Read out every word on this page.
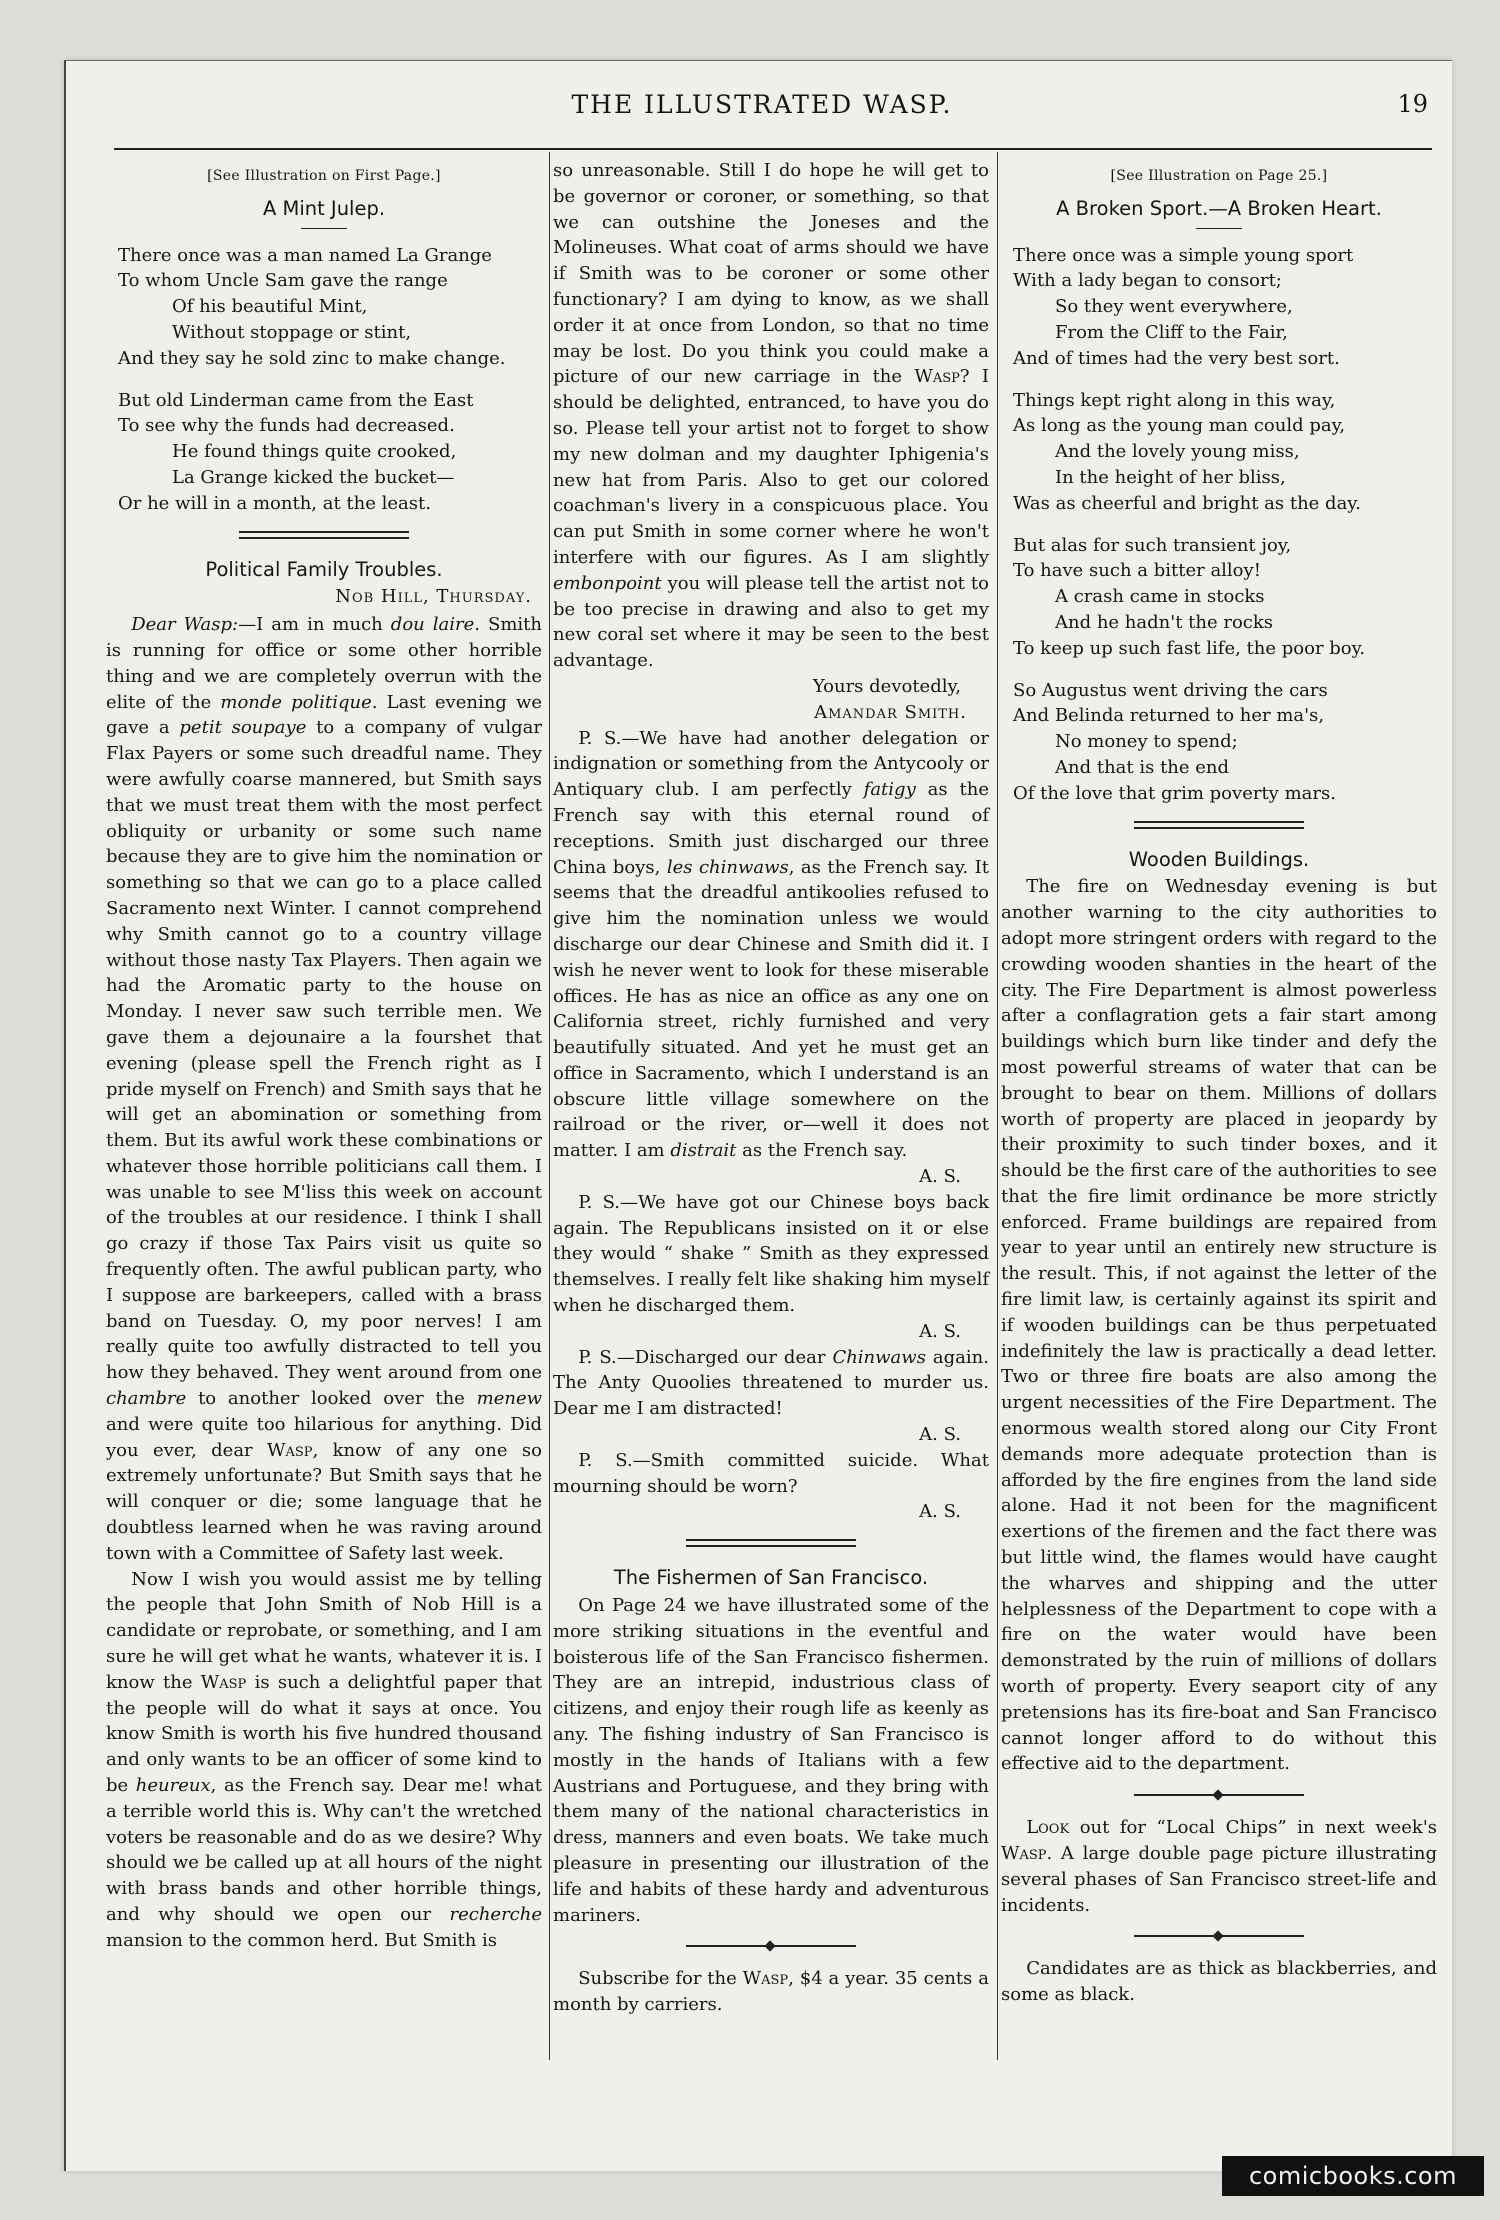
THE ILLUSTRATED WASP.	19
[See Illustration on First Page.]
A Mint Julep.
There once was a man named La Grange
To whom Uncle Sam gave the range
Of his beautiful Mint,
Without stoppage or stint,
And they say he sold zinc to make change.
But old Linderman came from the East
To see why the funds had decreased.
He found things quite crooked,
La Grange kicked the bucket—
Or he will in a month, at the least.
Political Family Troubles.
Nob Hill, Thursday.

Dear Wasp:—I am in much dou laire. Smith is running for office or some other horrible thing and we are completely overrun with the elite of the monde politique. Last evening we gave a petit soupaye to a company of vulgar Flax Payers or some such dreadful name. They were awfully coarse mannered, but Smith says that we must treat them with the most perfect obliquity or urbanity or some such name because they are to give him the nomination or something so that we can go to a place called Sacramento next Winter. I cannot comprehend why Smith cannot go to a country village without those nasty Tax Players. Then again we had the Aromatic party to the house on Monday. I never saw such terrible men. We gave them a dejounaire a la fourshet that evening (please spell the French right as I pride myself on French) and Smith says that he will get an abomination or something from them. But its awful work these combinations or whatever those horrible politicians call them. I was unable to see M'liss this week on account of the troubles at our residence. I think I shall go crazy if those Tax Pairs visit us quite so frequently often. The awful publican party, who I suppose are barkeepers, called with a brass band on Tuesday. O, my poor nerves! I am really quite too awfully distracted to tell you how they behaved. They went around from one chambre to another looked over the menew and were quite too hilarious for anything. Did you ever, dear Wasp, know of any one so extremely unfortunate? But Smith says that he will conquer or die; some language that he doubtless learned when he was raving around town with a Committee of Safety last week.

Now I wish you would assist me by telling the people that John Smith of Nob Hill is a candidate or reprobate, or something, and I am sure he will get what he wants, whatever it is. I know the Wasp is such a delightful paper that the people will do what it says at once. You know Smith is worth his five hundred thousand and only wants to be an officer of some kind to be heureux, as the French say. Dear me! what a terrible world this is. Why can't the wretched voters be reasonable and do as we desire? Why should we be called up at all hours of the night with brass bands and other horrible things, and why should we open our recherche mansion to the common herd. But Smith is

so unreasonable. Still I do hope he will get to be governor or coroner, or something, so that we can outshine the Joneses and the Molineuses. What coat of arms should we have if Smith was to be coroner or some other functionary? I am dying to know, as we shall order it at once from London, so that no time may be lost. Do you think you could make a picture of our new carriage in the Wasp? I should be delighted, entranced, to have you do so. Please tell your artist not to forget to show my new dolman and my daughter Iphigenia's new hat from Paris. Also to get our colored coachman's livery in a conspicuous place. You can put Smith in some corner where he won't interfere with our figures. As I am slightly embonpoint you will please tell the artist not to be too precise in drawing and also to get my new coral set where it may be seen to the best advantage.

Yours devotedly,
Amandar Smith.

P. S.—We have had another delegation or indignation or something from the Antycooly or Antiquary club. I am perfectly fatigy as the French say with this eternal round of receptions. Smith just discharged our three China boys, les chinwaws, as the French say. It seems that the dreadful antikoolies refused to give him the nomination unless we would discharge our dear Chinese and Smith did it. I wish he never went to look for these miserable offices. He has as nice an office as any one on California street, richly furnished and very beautifully situated. And yet he must get an office in Sacramento, which I understand is an obscure little village somewhere on the railroad or the river, or—well it does not matter. I am distrait as the French say.

A. S.

P. S.—We have got our Chinese boys back again. The Republicans insisted on it or else they would “ shake ” Smith as they expressed themselves. I really felt like shaking him myself when he discharged them.

A. S.

P. S.—Discharged our dear Chinwaws again. The Anty Quoolies threatened to murder us. Dear me I am distracted!

A. S.

P. S.—Smith committed suicide. What mourning should be worn?

A. S.
The Fishermen of San Francisco.

On Page 24 we have illustrated some of the more striking situations in the eventful and boisterous life of the San Francisco fishermen. They are an intrepid, industrious class of citizens, and enjoy their rough life as keenly as any. The fishing industry of San Francisco is mostly in the hands of Italians with a few Austrians and Portuguese, and they bring with them many of the national characteristics in dress, manners and even boats. We take much pleasure in presenting our illustration of the life and habits of these hardy and adventurous mariners.

Subscribe for the Wasp, $4 a year. 35 cents a month by carriers.

[See Illustration on Page 25.]
A Broken Sport.—A Broken Heart.
There once was a simple young sport
With a lady began to consort;
So they went everywhere,
From the Cliff to the Fair,
And of times had the very best sort.
Things kept right along in this way,
As long as the young man could pay,
And the lovely young miss,
In the height of her bliss,
Was as cheerful and bright as the day.
But alas for such transient joy,
To have such a bitter alloy!
A crash came in stocks
And he hadn't the rocks
To keep up such fast life, the poor boy.
So Augustus went driving the cars
And Belinda returned to her ma's,
No money to spend;
And that is the end
Of the love that grim poverty mars.
Wooden Buildings.

The fire on Wednesday evening is but another warning to the city authorities to adopt more stringent orders with regard to the crowding wooden shanties in the heart of the city. The Fire Department is almost powerless after a conflagration gets a fair start among buildings which burn like tinder and defy the most powerful streams of water that can be brought to bear on them. Millions of dollars worth of property are placed in jeopardy by their proximity to such tinder boxes, and it should be the first care of the authorities to see that the fire limit ordinance be more strictly enforced. Frame buildings are repaired from year to year until an entirely new structure is the result. This, if not against the letter of the fire limit law, is certainly against its spirit and if wooden buildings can be thus perpetuated indefinitely the law is practically a dead letter. Two or three fire boats are also among the urgent necessities of the Fire Department. The enormous wealth stored along our City Front demands more adequate protection than is afforded by the fire engines from the land side alone. Had it not been for the magnificent exertions of the firemen and the fact there was but little wind, the flames would have caught the wharves and shipping and the utter helplessness of the Department to cope with a fire on the water would have been demonstrated by the ruin of millions of dollars worth of property. Every seaport city of any pretensions has its fire-boat and San Francisco cannot longer afford to do without this effective aid to the department.

Look out for “Local Chips” in next week's Wasp. A large double page picture illustrating several phases of San Francisco street-life and incidents.

Candidates are as thick as blackberries, and some as black.

comicbooks.com
